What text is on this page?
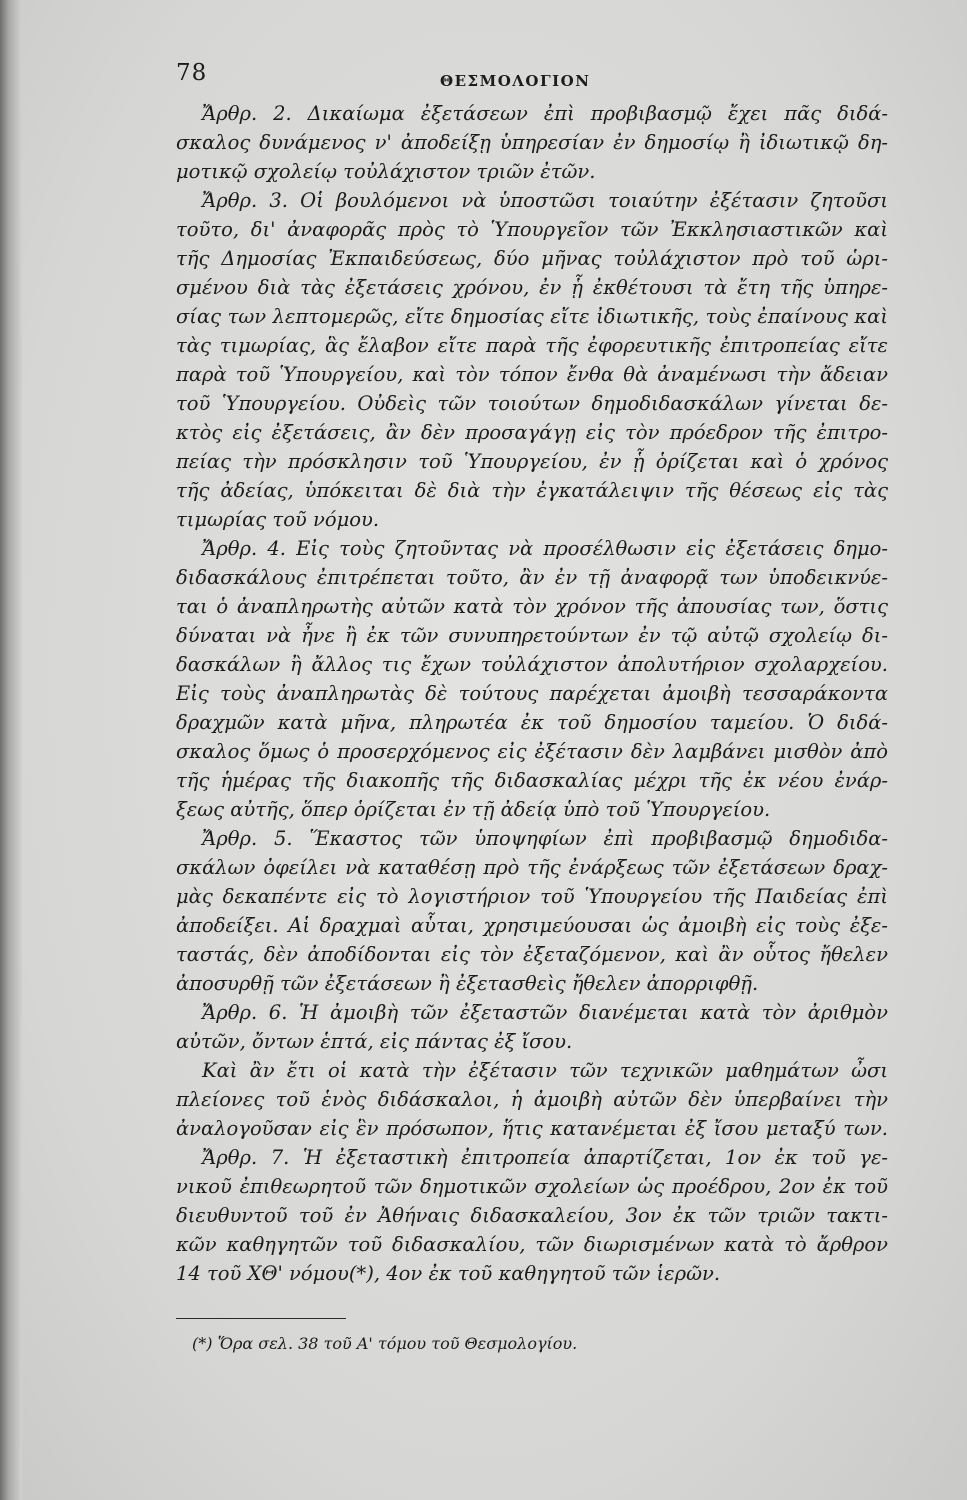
78	ΘΕΣΜΟΛΟΓΙΟΝ
Ἄρθρ. 2. Δικαίωμα ἐξετάσεων ἐπὶ προβιβασμῷ ἔχει πᾶς διδά-
σκαλος δυνάμενος ν' ἀποδείξῃ ὑπηρεσίαν ἐν δημοσίῳ ἢ ἰδιωτικῷ δη-
μοτικῷ σχολείῳ τοὐλάχιστον τριῶν ἐτῶν.
Ἄρθρ. 3. Οἱ βουλόμενοι νὰ ὑποστῶσι τοιαύτην ἐξέτασιν ζητοῦσι
τοῦτο, δι' ἀναφορᾶς πρὸς τὸ Ὑπουργεῖον τῶν Ἐκκλησιαστικῶν καὶ
τῆς Δημοσίας Ἐκπαιδεύσεως, δύο μῆνας τοὐλάχιστον πρὸ τοῦ ὡρι-
σμένου διὰ τὰς ἐξετάσεις χρόνου, ἐν ᾗ ἐκθέτουσι τὰ ἔτη τῆς ὑπηρε-
σίας των λεπτομερῶς, εἴτε δημοσίας εἴτε ἰδιωτικῆς, τοὺς ἐπαίνους καὶ
τὰς τιμωρίας, ἃς ἔλαβον εἴτε παρὰ τῆς ἐφορευτικῆς ἐπιτροπείας εἴτε
παρὰ τοῦ Ὑπουργείου, καὶ τὸν τόπον ἔνθα θὰ ἀναμένωσι τὴν ἄδειαν
τοῦ Ὑπουργείου. Οὐδεὶς τῶν τοιούτων δημοδιδασκάλων γίνεται δε-
κτὸς εἰς ἐξετάσεις, ἂν δὲν προσαγάγῃ εἰς τὸν πρόεδρον τῆς ἐπιτρο-
πείας τὴν πρόσκλησιν τοῦ Ὑπουργείου, ἐν ᾗ ὁρίζεται καὶ ὁ χρόνος
τῆς ἀδείας, ὑπόκειται δὲ διὰ τὴν ἐγκατάλειψιν τῆς θέσεως εἰς τὰς
τιμωρίας τοῦ νόμου.
Ἄρθρ. 4. Εἰς τοὺς ζητοῦντας νὰ προσέλθωσιν εἰς ἐξετάσεις δημο-
διδασκάλους ἐπιτρέπεται τοῦτο, ἂν ἐν τῇ ἀναφορᾷ των ὑποδεικνύε-
ται ὁ ἀναπληρωτὴς αὐτῶν κατὰ τὸν χρόνον τῆς ἀπουσίας των, ὅστις
δύναται νὰ ἦνε ἢ ἐκ τῶν συνυπηρετούντων ἐν τῷ αὐτῷ σχολείῳ δι-
δασκάλων ἢ ἄλλος τις ἔχων τοὐλάχιστον ἀπολυτήριον σχολαρχείου.
Εἰς τοὺς ἀναπληρωτὰς δὲ τούτους παρέχεται ἀμοιβὴ τεσσαράκοντα
δραχμῶν κατὰ μῆνα, πληρωτέα ἐκ τοῦ δημοσίου ταμείου. Ὁ διδά-
σκαλος ὅμως ὁ προσερχόμενος εἰς ἐξέτασιν δὲν λαμβάνει μισθὸν ἀπὸ
τῆς ἡμέρας τῆς διακοπῆς τῆς διδασκαλίας μέχρι τῆς ἐκ νέου ἐνάρ-
ξεως αὐτῆς, ὅπερ ὁρίζεται ἐν τῇ ἀδείᾳ ὑπὸ τοῦ Ὑπουργείου.
Ἄρθρ. 5. Ἕκαστος τῶν ὑποψηφίων ἐπὶ προβιβασμῷ δημοδιδα-
σκάλων ὀφείλει νὰ καταθέσῃ πρὸ τῆς ἐνάρξεως τῶν ἐξετάσεων δραχ-
μὰς δεκαπέντε εἰς τὸ λογιστήριον τοῦ Ὑπουργείου τῆς Παιδείας ἐπὶ
ἀποδείξει. Αἱ δραχμαὶ αὗται, χρησιμεύουσαι ὡς ἀμοιβὴ εἰς τοὺς ἐξε-
ταστάς, δὲν ἀποδίδονται εἰς τὸν ἐξεταζόμενον, καὶ ἂν οὗτος ἤθελεν
ἀποσυρθῇ τῶν ἐξετάσεων ἢ ἐξετασθεὶς ἤθελεν ἀπορριφθῇ.
Ἄρθρ. 6. Ἡ ἀμοιβὴ τῶν ἐξεταστῶν διανέμεται κατὰ τὸν ἀριθμὸν
αὐτῶν, ὄντων ἑπτά, εἰς πάντας ἐξ ἴσου.
Καὶ ἂν ἔτι οἱ κατὰ τὴν ἐξέτασιν τῶν τεχνικῶν μαθημάτων ὦσι
πλείονες τοῦ ἑνὸς διδάσκαλοι, ἡ ἀμοιβὴ αὐτῶν δὲν ὑπερβαίνει τὴν
ἀναλογοῦσαν εἰς ἓν πρόσωπον, ἥτις κατανέμεται ἐξ ἴσου μεταξύ των.
Ἄρθρ. 7. Ἡ ἐξεταστικὴ ἐπιτροπεία ἀπαρτίζεται, 1ον ἐκ τοῦ γε-
νικοῦ ἐπιθεωρητοῦ τῶν δημοτικῶν σχολείων ὡς προέδρου, 2ον ἐκ τοῦ
διευθυντοῦ τοῦ ἐν Ἀθήναις διδασκαλείου, 3ον ἐκ τῶν τριῶν τακτι-
κῶν καθηγητῶν τοῦ διδασκαλίου, τῶν διωρισμένων κατὰ τὸ ἄρθρον
14 τοῦ ΧΘ' νόμου(*), 4ον ἐκ τοῦ καθηγητοῦ τῶν ἱερῶν.
(*) Ὅρα σελ. 38 τοῦ Α' τόμου τοῦ Θεσμολογίου.
